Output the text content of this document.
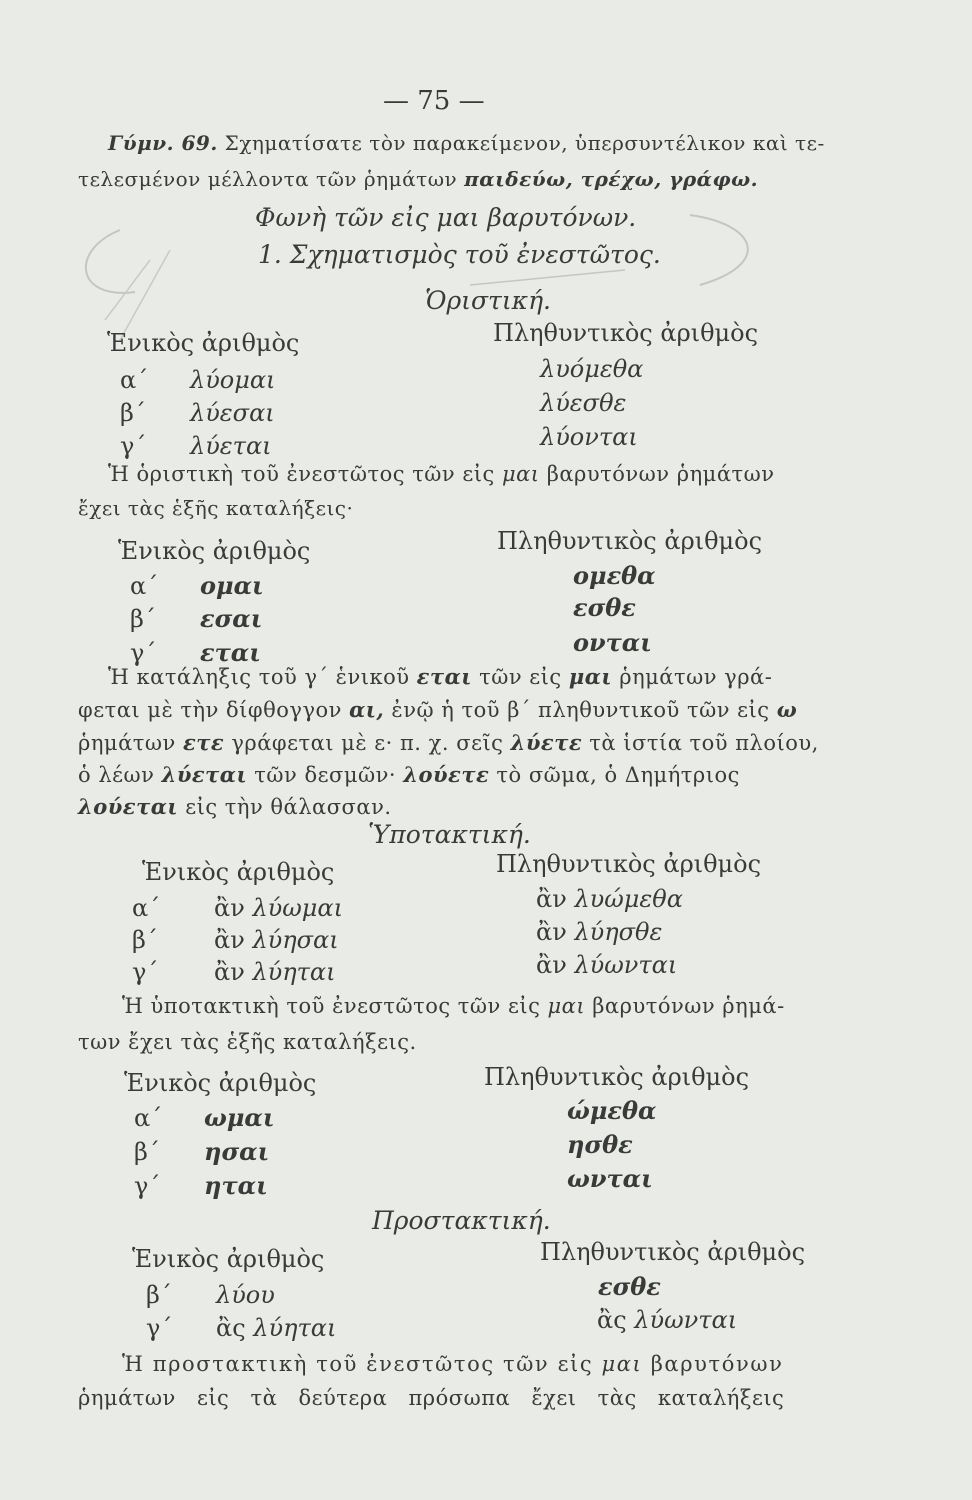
— 75 —
Γύμν. 69. Σχηματίσατε τὸν παρακείμενον, ὑπερσυντέλικον καὶ τε-
τελεσμένον μέλλοντα τῶν ῥημάτων παιδεύω, τρέχω, γράφω.
Φωνὴ τῶν εἰς μαι βαρυτόνων.
1. Σχηματισμὸς τοῦ ἐνεστῶτος.
Ὁριστική.
Ἑνικὸς ἀριθμὸς	Πληθυντικὸς ἀριθμὸς
α΄ λύομαι	λυόμεθα
β΄ λύεσαι	λύεσθε
γ΄ λύεται	λύονται
Ἡ ὁριστικὴ τοῦ ἐνεστῶτος τῶν εἰς μαι βαρυτόνων ῥημάτων
ἔχει τὰς ἑξῆς καταλήξεις·
Ἑνικὸς ἀριθμὸς	Πληθυντικὸς ἀριθμὸς
α΄ ομαι	ομεθα
β΄ εσαι	εσθε
γ΄ εται	ονται
Ἡ κατάληξις τοῦ γ΄ ἑνικοῦ εται τῶν εἰς μαι ῥημάτων γρά-
φεται μὲ τὴν δίφθογγον αι, ἐνῷ ἡ τοῦ β΄ πληθυντικοῦ τῶν εἰς ω
ῥημάτων ετε γράφεται μὲ ε· π. χ. σεῖς λύετε τὰ ἱστία τοῦ πλοίου,
ὁ λέων λύεται τῶν δεσμῶν· λούετε τὸ σῶμα, ὁ Δημήτριος
λούεται εἰς τὴν θάλασσαν.
Ὑποτακτική.
Ἑνικὸς ἀριθμὸς	Πληθυντικὸς ἀριθμὸς
α΄ ἂν λύωμαι	ἂν λυώμεθα
β΄ ἂν λύησαι	ἂν λύησθε
γ΄ ἂν λύηται	ἂν λύωνται
Ἡ ὑποτακτικὴ τοῦ ἐνεστῶτος τῶν εἰς μαι βαρυτόνων ῥημά-
των ἔχει τὰς ἑξῆς καταλήξεις.
Ἑνικὸς ἀριθμὸς	Πληθυντικὸς ἀριθμὸς
α΄ ωμαι	ώμεθα
β΄ ησαι	ησθε
γ΄ ηται	ωνται
Προστακτική.
Ἑνικὸς ἀριθμὸς	Πληθυντικὸς ἀριθμὸς
β΄ λύου	εσθε
γ΄ ἂς λύηται	ἂς λύωνται
Ἡ προστακτικὴ τοῦ ἐνεστῶτος τῶν εἰς μαι βαρυτόνων
ῥημάτων εἰς τὰ δεύτερα πρόσωπα ἔχει τὰς καταλήξεις
